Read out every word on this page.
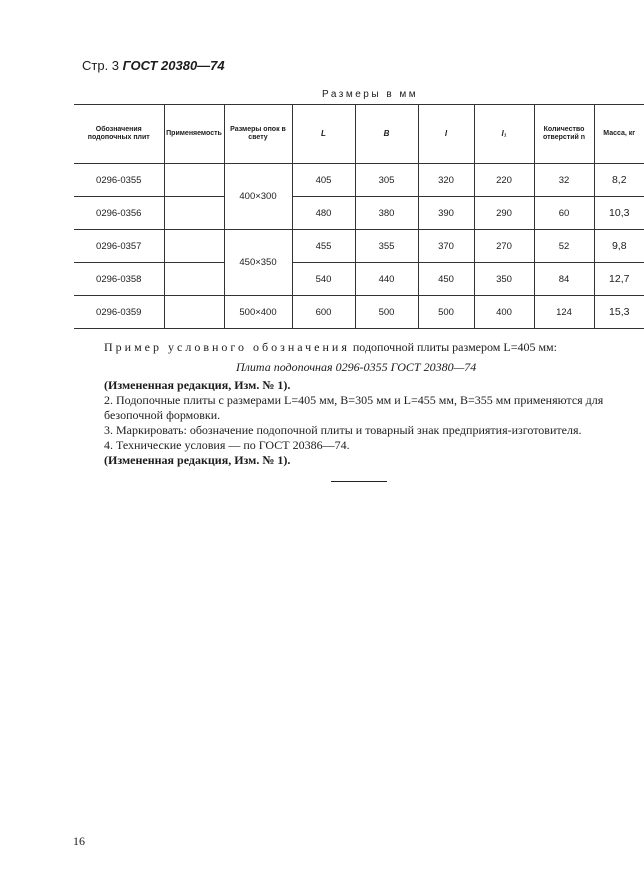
Стр. 3 ГОСТ 20380—74
Размеры в мм
Обозначения подопочных плит	Применяемость	Размеры опок в свету	L	B	l	l₁	Количество отверстий n	Масса, кг
0296-0355		400×300	405	305	320	220	32	8,2
0296-0356			480	380	390	290	60	10,3
0296-0357		450×350	455	355	370	270	52	9,8
0296-0358			540	440	450	350	84	12,7
0296-0359		500×400	600	500	500	400	124	15,3
Пример условного обозначения подопочной плиты размером L=405 мм:
Плита подопочная 0296-0355 ГОСТ 20380—74

(Измененная редакция, Изм. № 1).

2. Подопочные плиты с размерами L=405 мм, B=305 мм и L=455 мм, B=355 мм применяются для безопочной формовки.

3. Маркировать: обозначение подопочной плиты и товарный знак предприятия-изготовителя.

4. Технические условия — по ГОСТ 20386—74.

(Измененная редакция, Изм. № 1).

16
